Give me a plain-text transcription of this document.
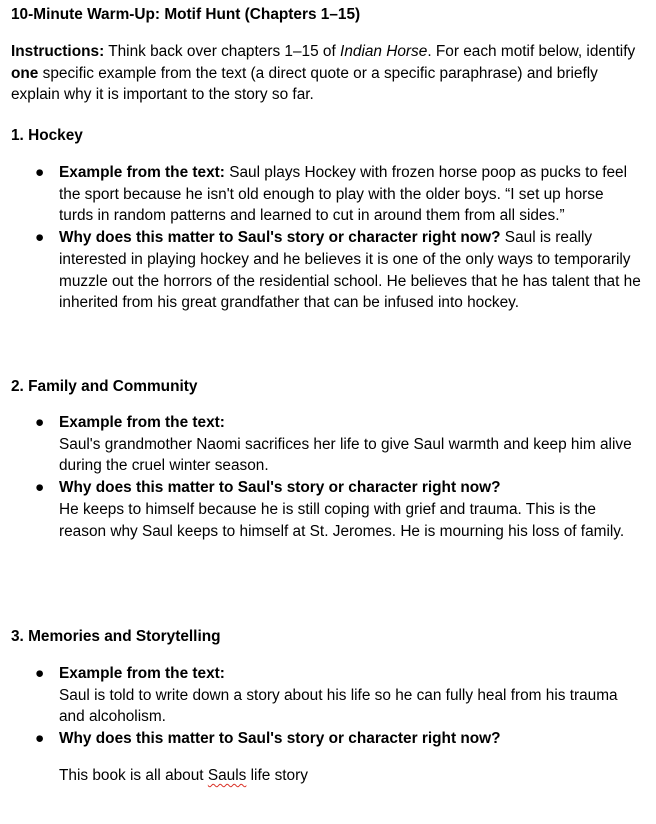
10-Minute Warm-Up: Motif Hunt (Chapters 1–15)
Instructions: Think back over chapters 1–15 of Indian Horse. For each motif below, identify one specific example from the text (a direct quote or a specific paraphrase) and briefly explain why it is important to the story so far.
1. Hockey
● Example from the text: Saul plays Hockey with frozen horse poop as pucks to feel the sport because he isn't old enough to play with the older boys. “I set up horse turds in random patterns and learned to cut in around them from all sides.”
● Why does this matter to Saul's story or character right now? Saul is really interested in playing hockey and he believes it is one of the only ways to temporarily muzzle out the horrors of the residential school. He believes that he has talent that he inherited from his great grandfather that can be infused into hockey.
2. Family and Community
● Example from the text:
Saul's grandmother Naomi sacrifices her life to give Saul warmth and keep him alive during the cruel winter season.
● Why does this matter to Saul's story or character right now?
He keeps to himself because he is still coping with grief and trauma. This is the reason why Saul keeps to himself at St. Jeromes. He is mourning his loss of family.
3. Memories and Storytelling
● Example from the text:
Saul is told to write down a story about his life so he can fully heal from his trauma and alcoholism.
● Why does this matter to Saul's story or character right now?
This book is all about Sauls life story
